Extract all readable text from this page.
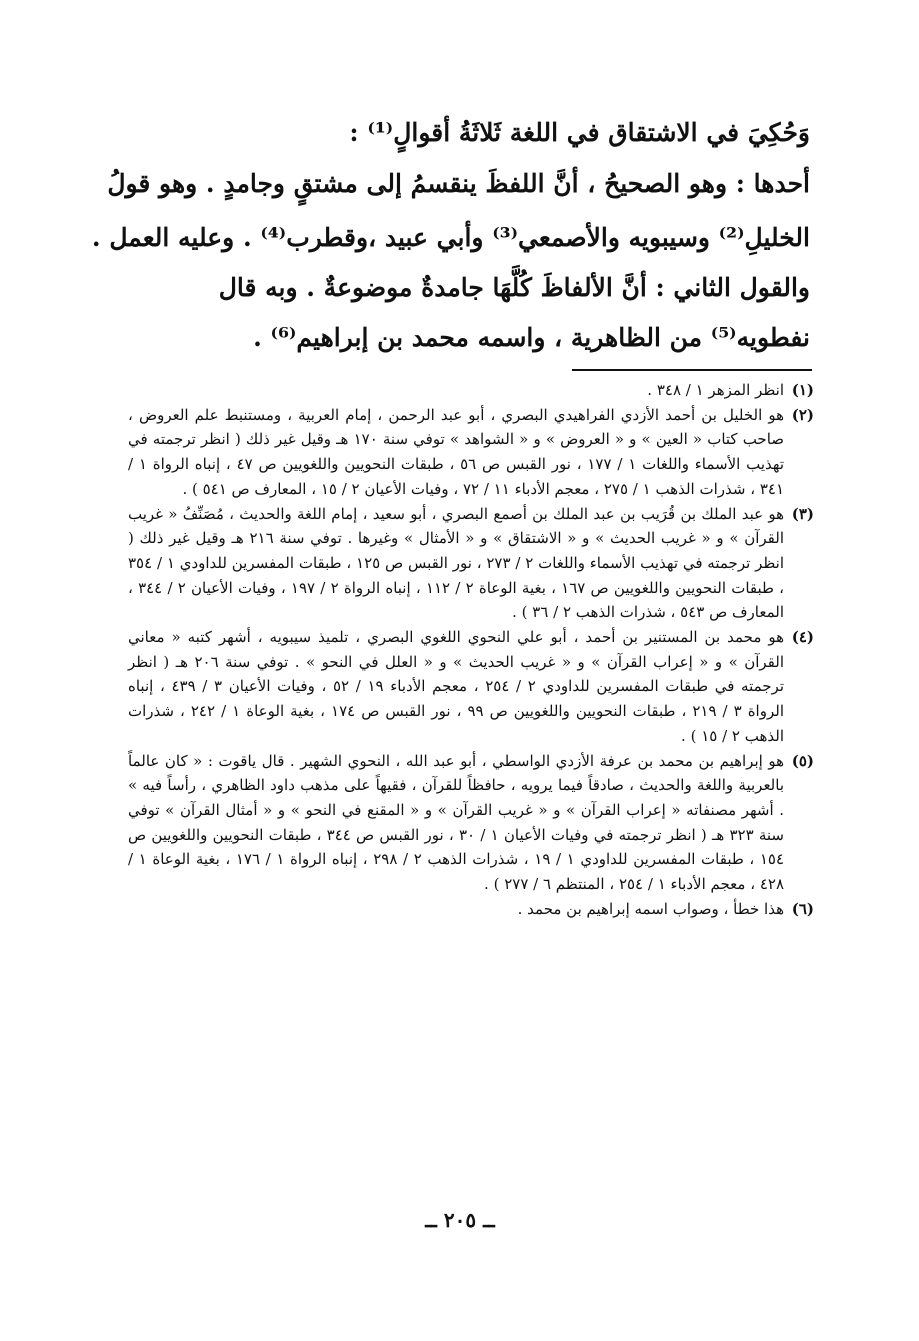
وَحُكِيَ في الاشتقاق في اللغة ثَلاثَةُ أقوالٍ⁽¹⁾ :
أحدها : وهو الصحيحُ ، أنَّ اللفظَ ينقسمُ إلى مشتقٍ وجامدٍ . وهو قولُ
الخليلِ⁽²⁾ وسيبويه والأصمعي⁽³⁾ وأبي عبيد ،وقطرب⁽⁴⁾ . وعليه العمل .
والقول الثاني : أنَّ الألفاظَ كُلَّهَا جامدةٌ موضوعةٌ . وبه قال
نفطويه⁽⁵⁾ من الظاهرية ، واسمه محمد بن إبراهيم⁽⁶⁾ .
(١)
انظر المزهر ١ / ٣٤٨ .
(٢)
هو الخليل بن أحمد الأزدي الفراهيدي البصري ، أبو عبد الرحمن ، إمام العربية ، ومستنبط علم العروض ، صاحب كتاب « العين » و « العروض » و « الشواهد » توفي سنة ١٧٠ هـ وقيل غير ذلك ( انظر ترجمته في تهذيب الأسماء واللغات ١ / ١٧٧ ، نور القبس ص ٥٦ ، طبقات النحويين واللغويين ص ٤٧ ، إنباه الرواة ١ / ٣٤١ ، شذرات الذهب ١ / ٢٧٥ ، معجم الأدباء ١١ / ٧٢ ، وفيات الأعيان ٢ / ١٥ ، المعارف ص ٥٤١ ) .
(٣)
هو عبد الملك بن قُرَيب بن عبد الملك بن أصمع البصري ، أبو سعيد ، إمام اللغة والحديث ، مُصَنِّفُ « غريب القرآن » و « غريب الحديث » و « الاشتقاق » و « الأمثال » وغيرها . توفي سنة ٢١٦ هـ وقيل غير ذلك ( انظر ترجمته في تهذيب الأسماء واللغات ٢ / ٢٧٣ ، نور القبس ص ١٢٥ ، طبقات المفسرين للداودي ١ / ٣٥٤ ، طبقات النحويين واللغويين ص ١٦٧ ، بغية الوعاة ٢ / ١١٢ ، إنباه الرواة ٢ / ١٩٧ ، وفيات الأعيان ٢ / ٣٤٤ ، المعارف ص ٥٤٣ ، شذرات الذهب ٢ / ٣٦ ) .
(٤)
هو محمد بن المستنير بن أحمد ، أبو علي النحوي اللغوي البصري ، تلميذ سيبويه ، أشهر كتبه « معاني القرآن » و « إعراب القرآن » و « غريب الحديث » و « العلل في النحو » . توفي سنة ٢٠٦ هـ ( انظر ترجمته في طبقات المفسرين للداودي ٢ / ٢٥٤ ، معجم الأدباء ١٩ / ٥٢ ، وفيات الأعيان ٣ / ٤٣٩ ، إنباه الرواة ٣ / ٢١٩ ، طبقات النحويين واللغويين ص ٩٩ ، نور القبس ص ١٧٤ ، بغية الوعاة ١ / ٢٤٢ ، شذرات الذهب ٢ / ١٥ ) .
(٥)
هو إبراهيم بن محمد بن عرفة الأزدي الواسطي ، أبو عبد الله ، النحوي الشهير . قال ياقوت : « كان عالماً بالعربية واللغة والحديث ، صادقاً فيما يرويه ، حافظاً للقرآن ، فقيهاً على مذهب داود الظاهري ، رأساً فيه » . أشهر مصنفاته « إعراب القرآن » و « غريب القرآن » و « المقنع في النحو » و « أمثال القرآن » توفي سنة ٣٢٣ هـ ( انظر ترجمته في وفيات الأعيان ١ / ٣٠ ، نور القبس ص ٣٤٤ ، طبقات النحويين واللغويين ص ١٥٤ ، طبقات المفسرين للداودي ١ / ١٩ ، شذرات الذهب ٢ / ٢٩٨ ، إنباه الرواة ١ / ١٧٦ ، بغية الوعاة ١ / ٤٢٨ ، معجم الأدباء ١ / ٢٥٤ ، المنتظم ٦ / ٢٧٧ ) .
(٦)
هذا خطأ ، وصواب اسمه إبراهيم بن محمد .
ــ ٢٠٥ ــ
